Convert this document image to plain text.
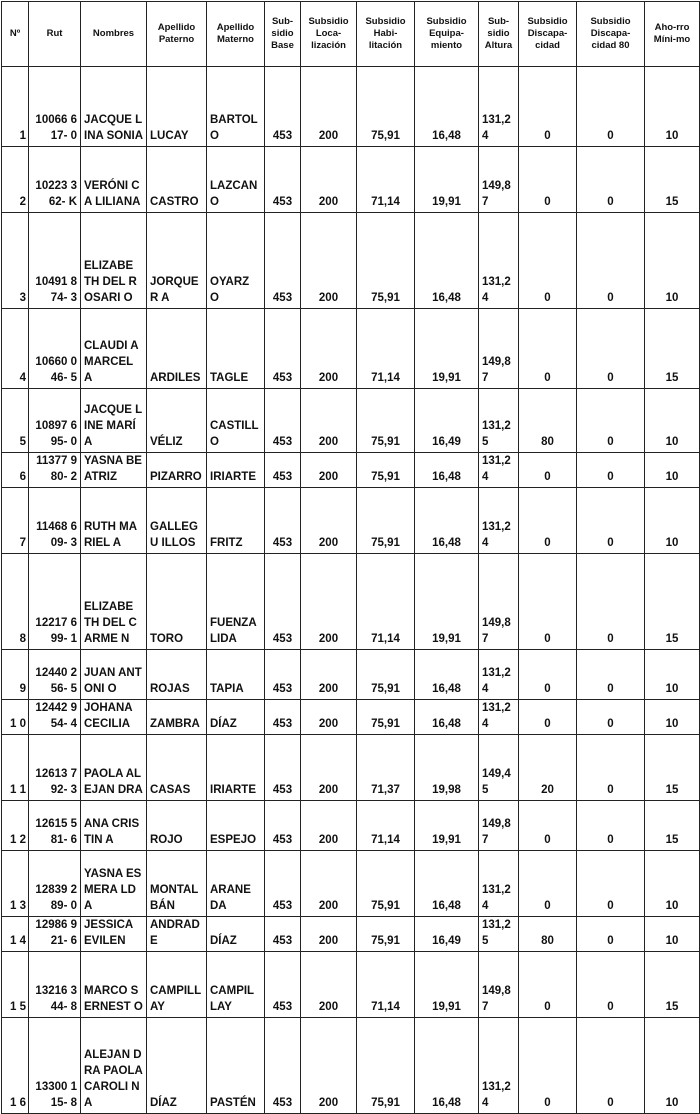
Nº	Rut	Nombres	Apellido Paterno	Apellido Materno	Sub-sidio Base	Subsidio Loca-lización	Subsidio Habi-litación	Subsidio Equipa-miento	Sub-sidio Altura	Subsidio Discapa-cidad	Subsidio Discapa-cidad 80	Aho-rro Míni-mo
1	10066 617- 0	JACQUE LINA SONIA	LUCAY	BARTOL O	453	200	75,91	16,48	131,2 4	0	0	10
2	10223 362- K	VERÓNI CA LILIANA	CASTRO	LAZCAN O	453	200	71,14	19,91	149,8 7	0	0	15
3	10491 874- 3	ELIZABE TH DEL ROSARI O	JORQUER A	OYARZ O	453	200	75,91	16,48	131,2 4	0	0	10
4	10660 046- 5	CLAUDI A MARCEL A	ARDILES	TAGLE	453	200	71,14	19,91	149,8 7	0	0	15
5	10897 695- 0	JACQUE LINE MARÍA	VÉLIZ	CASTILL O	453	200	75,91	16,49	131,2 5	80	0	10
6	11377 980- 2	YASNA BEATRIZ	PIZARRO	IRIARTE	453	200	75,91	16,48	131,2 4	0	0	10
7	11468 609- 3	RUTH MARIEL A	GALLEGU ILLOS	FRITZ	453	200	75,91	16,48	131,2 4	0	0	10
8	12217 699- 1	ELIZABE TH DEL CARME N	TORO	FUENZA LIDA	453	200	71,14	19,91	149,8 7	0	0	15
9	12440 256- 5	JUAN ANTONI O	ROJAS	TAPIA	453	200	75,91	16,48	131,2 4	0	0	10
1 0	12442 954- 4	JOHANA CECILIA	ZAMBRA	DÍAZ	453	200	75,91	16,48	131,2 4	0	0	10
1 1	12613 792- 3	PAOLA ALEJAN DRA	CASAS	IRIARTE	453	200	71,37	19,98	149,4 5	20	0	15
1 2	12615 581- 6	ANA CRISTIN A	ROJO	ESPEJO	453	200	71,14	19,91	149,8 7	0	0	15
1 3	12839 289- 0	YASNA ESMERA LDA	MONTAL BÁN	ARANE DA	453	200	75,91	16,48	131,2 4	0	0	10
1 4	12986 921- 6	JESSICA EVILEN	ANDRAD E	DÍAZ	453	200	75,91	16,49	131,2 5	80	0	10
1 5	13216 344- 8	MARCO S ERNEST O	CAMPILL AY	CAMPIL LAY	453	200	71,14	19,91	149,8 7	0	0	15
1 6	13300 115- 8	ALEJAN DRA PAOLA CAROLI NA	DÍAZ	PASTÉN	453	200	75,91	16,48	131,2 4	0	0	10
